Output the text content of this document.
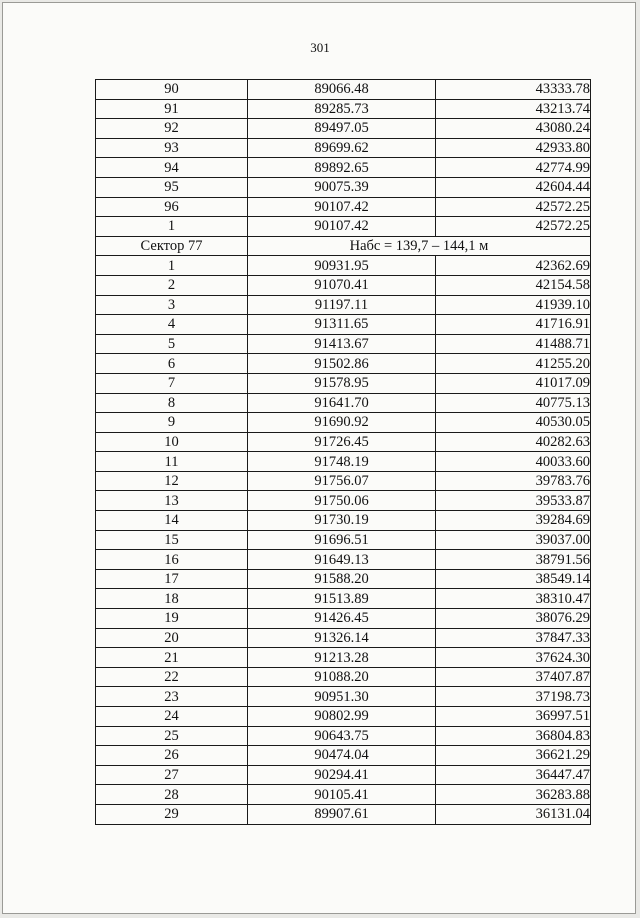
301
90	89066.48	43333.78
91	89285.73	43213.74
92	89497.05	43080.24
93	89699.62	42933.80
94	89892.65	42774.99
95	90075.39	42604.44
96	90107.42	42572.25
1	90107.42	42572.25
Сектор 77	Набс = 139,7 – 144,1 м	
1	90931.95	42362.69
2	91070.41	42154.58
3	91197.11	41939.10
4	91311.65	41716.91
5	91413.67	41488.71
6	91502.86	41255.20
7	91578.95	41017.09
8	91641.70	40775.13
9	91690.92	40530.05
10	91726.45	40282.63
11	91748.19	40033.60
12	91756.07	39783.76
13	91750.06	39533.87
14	91730.19	39284.69
15	91696.51	39037.00
16	91649.13	38791.56
17	91588.20	38549.14
18	91513.89	38310.47
19	91426.45	38076.29
20	91326.14	37847.33
21	91213.28	37624.30
22	91088.20	37407.87
23	90951.30	37198.73
24	90802.99	36997.51
25	90643.75	36804.83
26	90474.04	36621.29
27	90294.41	36447.47
28	90105.41	36283.88
29	89907.61	36131.04
